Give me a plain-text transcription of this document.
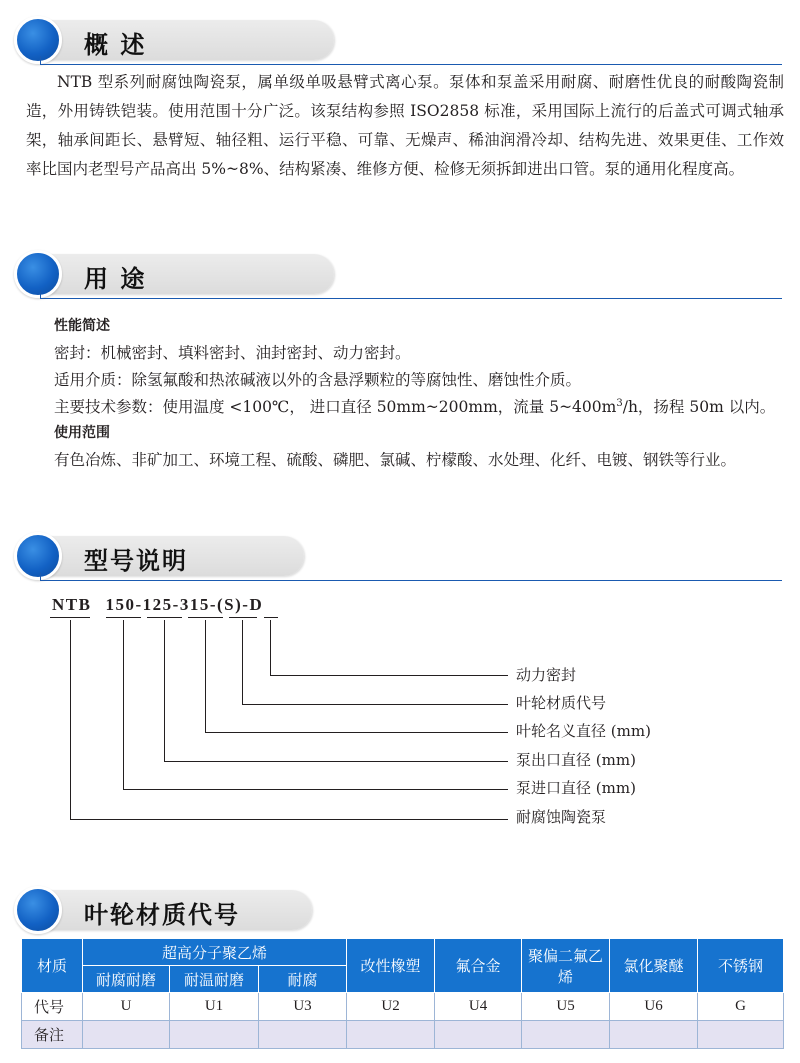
概 述

NTB 型系列耐腐蚀陶瓷泵，属单级单吸悬臂式离心泵。泵体和泵盖采用耐腐、耐磨性优良的耐酸陶瓷制造，外用铸铁铠装。使用范围十分广泛。该泵结构参照 ISO2858 标准，采用国际上流行的后盖式可调式轴承架，轴承间距长、悬臂短、轴径粗、运行平稳、可靠、无燥声、稀油润滑冷却、结构先进、效果更佳、工作效率比国内老型号产品高出 5%~8%、结构紧凑、维修方便、检修无须拆卸进出口管。泵的通用化程度高。

用 途
性能简述
密封：机械密封、填料密封、油封密封、动力密封。
适用介质：除氢氟酸和热浓碱液以外的含悬浮颗粒的等腐蚀性、磨蚀性介质。
主要技术参数：使用温度 <100℃， 进口直径 50mm~200mm，流量 $5\sim 400m^3/h$，扬程 50m 以内。
使用范围
有色冶炼、非矿加工、环境工程、硫酸、磷肥、氯碱、柠檬酸、水处理、化纤、电镀、钢铁等行业。
型号说明
NTB 150-125-315-(S)-D
动力密封
叶轮材质代号
叶轮名义直径 (mm)
泵出口直径 (mm)
泵进口直径 (mm)
耐腐蚀陶瓷泵
叶轮材质代号
材质	超高分子聚乙烯			改性橡塑	氟合金	聚偏二氟乙烯	氯化聚醚	不锈钢
	耐腐耐磨	耐温耐磨	耐腐					
代号	U	U1	U3	U2	U4	U5	U6	G
备注								
